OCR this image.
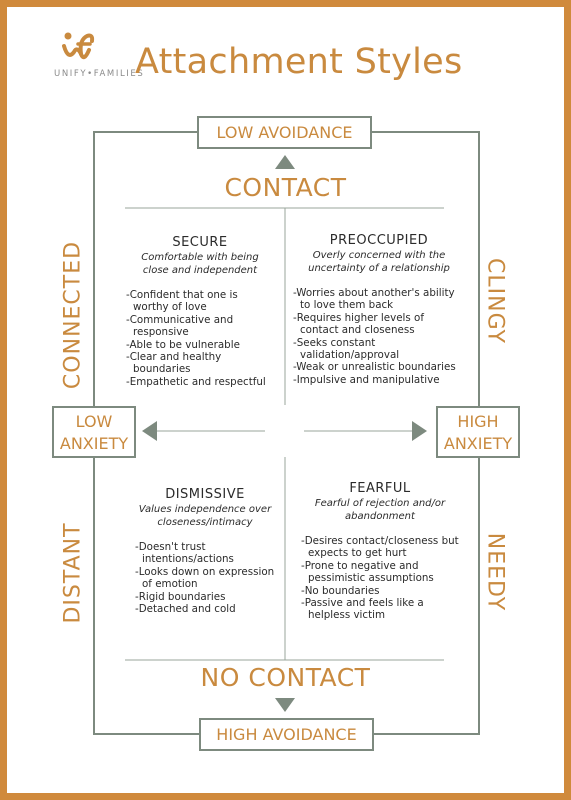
UNIFY•FAMILIES
Attachment Styles
LOW AVOIDANCE
HIGH AVOIDANCE
LOW
ANXIETY
HIGH
ANXIETY
CONTACT
NO CONTACT
CONNECTED
DISTANT
CLINGY
NEEDY
SECURE
Comfortable with being close and independent
-Confident that one is worthy of love
-Communicative and responsive
-Able to be vulnerable
-Clear and healthy boundaries
-Empathetic and respectful
PREOCCUPIED
Overly concerned with the uncertainty of a relationship
-Worries about another's ability to love them back
-Requires higher levels of contact and closeness
-Seeks constant validation/approval
-Weak or unrealistic boundaries
-Impulsive and manipulative
DISMISSIVE
Values independence over closeness/intimacy
-Doesn't trust intentions/actions
-Looks down on expression of emotion
-Rigid boundaries
-Detached and cold
FEARFUL
Fearful of rejection and/or abandonment
-Desires contact/closeness but expects to get hurt
-Prone to negative and pessimistic assumptions
-No boundaries
-Passive and feels like a helpless victim
